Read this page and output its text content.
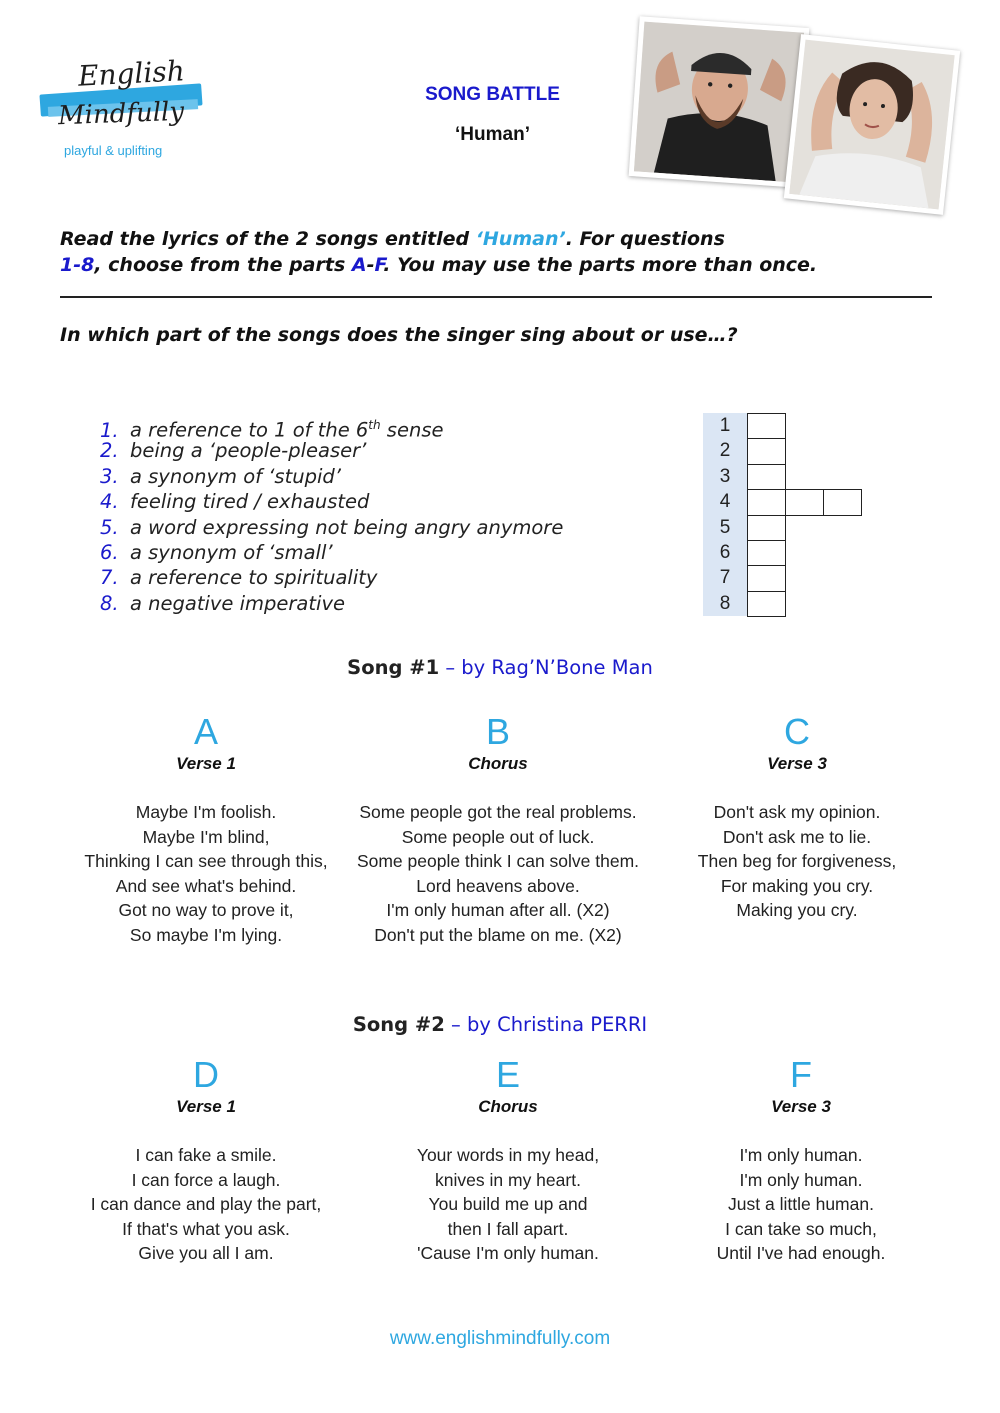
English
Mindfully
playful & uplifting
SONG BATTLE
‘Human’
Read the lyrics of the 2 songs entitled ‘Human’. For questions
1-8, choose from the parts A-F. You may use the parts more than once.
In which part of the songs does the singer sing about or use…?
1. a reference to 1 of the 6th sense
2. being a ‘people-pleaser’
3. a synonym of ‘stupid’
4. feeling tired / exhausted
5. a word expressing not being angry anymore
6. a synonym of ‘small’
7. a reference to spirituality
8. a negative imperative
1
2
3
4
5
6
7
8
Song #1 – by Rag’N’Bone Man
A
Verse 1
Maybe I'm foolish.
Maybe I'm blind,
Thinking I can see through this,
And see what's behind.
Got no way to prove it,
So maybe I'm lying.
B
Chorus
Some people got the real problems.
Some people out of luck.
Some people think I can solve them.
Lord heavens above.
I'm only human after all. (X2)
Don't put the blame on me. (X2)
C
Verse 3
Don't ask my opinion.
Don't ask me to lie.
Then beg for forgiveness,
For making you cry.
Making you cry.
Song #2 – by Christina PERRI
D
Verse 1
I can fake a smile.
I can force a laugh.
I can dance and play the part,
If that's what you ask.
Give you all I am.
E
Chorus
Your words in my head,
knives in my heart.
You build me up and
then I fall apart.
'Cause I'm only human.
F
Verse 3
I'm only human.
I'm only human.
Just a little human.
I can take so much,
Until I've had enough.
www.englishmindfully.com
